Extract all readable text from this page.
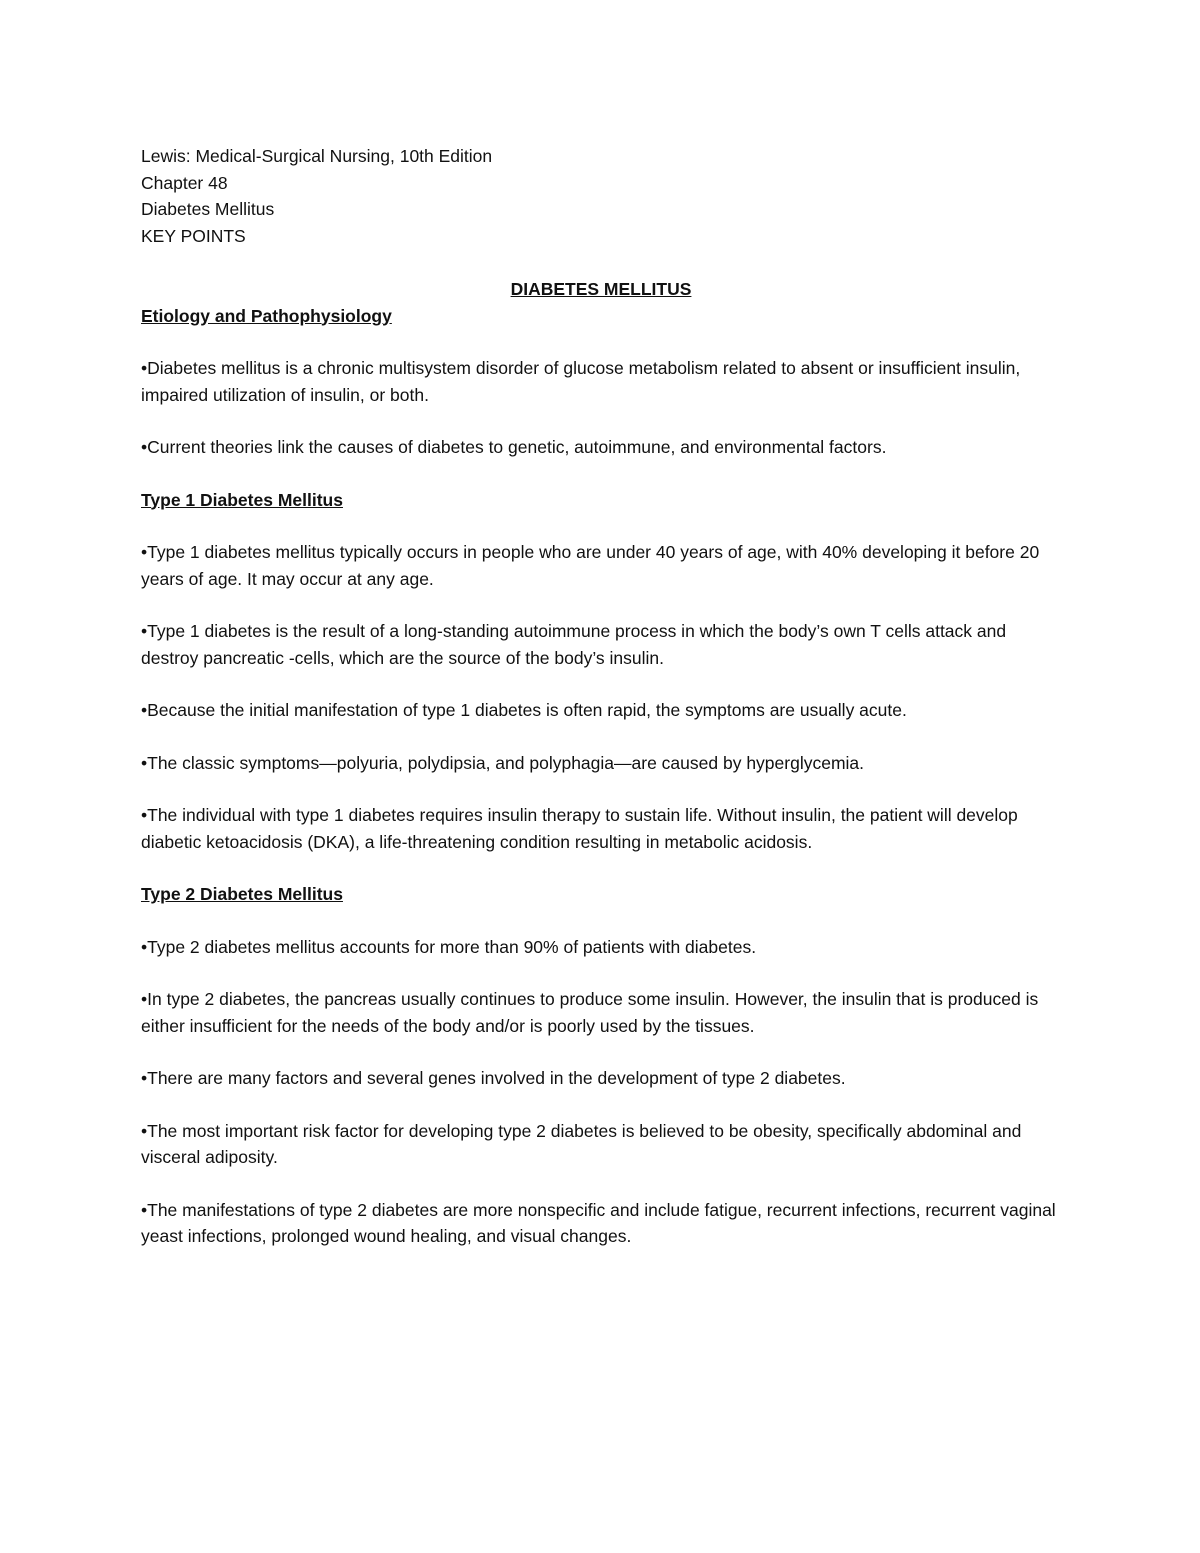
Lewis: Medical-Surgical Nursing, 10th Edition
Chapter 48
Diabetes Mellitus
KEY POINTS
DIABETES MELLITUS
Etiology and Pathophysiology
•Diabetes mellitus is a chronic multisystem disorder of glucose metabolism related to absent or insufficient insulin, impaired utilization of insulin, or both.
•Current theories link the causes of diabetes to genetic, autoimmune, and environmental factors.
Type 1 Diabetes Mellitus
•Type 1 diabetes mellitus typically occurs in people who are under 40 years of age, with 40% developing it before 20 years of age. It may occur at any age.
•Type 1 diabetes is the result of a long-standing autoimmune process in which the body’s own T cells attack and destroy pancreatic -cells, which are the source of the body’s insulin.
•Because the initial manifestation of type 1 diabetes is often rapid, the symptoms are usually acute.
•The classic symptoms—polyuria, polydipsia, and polyphagia—are caused by hyperglycemia.
•The individual with type 1 diabetes requires insulin therapy to sustain life. Without insulin, the patient will develop diabetic ketoacidosis (DKA), a life-threatening condition resulting in metabolic acidosis.
Type 2 Diabetes Mellitus
•Type 2 diabetes mellitus accounts for more than 90% of patients with diabetes.
•In type 2 diabetes, the pancreas usually continues to produce some insulin. However, the insulin that is produced is either insufficient for the needs of the body and/or is poorly used by the tissues.
•There are many factors and several genes involved in the development of type 2 diabetes.
•The most important risk factor for developing type 2 diabetes is believed to be obesity, specifically abdominal and visceral adiposity.
•The manifestations of type 2 diabetes are more nonspecific and include fatigue, recurrent infections, recurrent vaginal yeast infections, prolonged wound healing, and visual changes.
